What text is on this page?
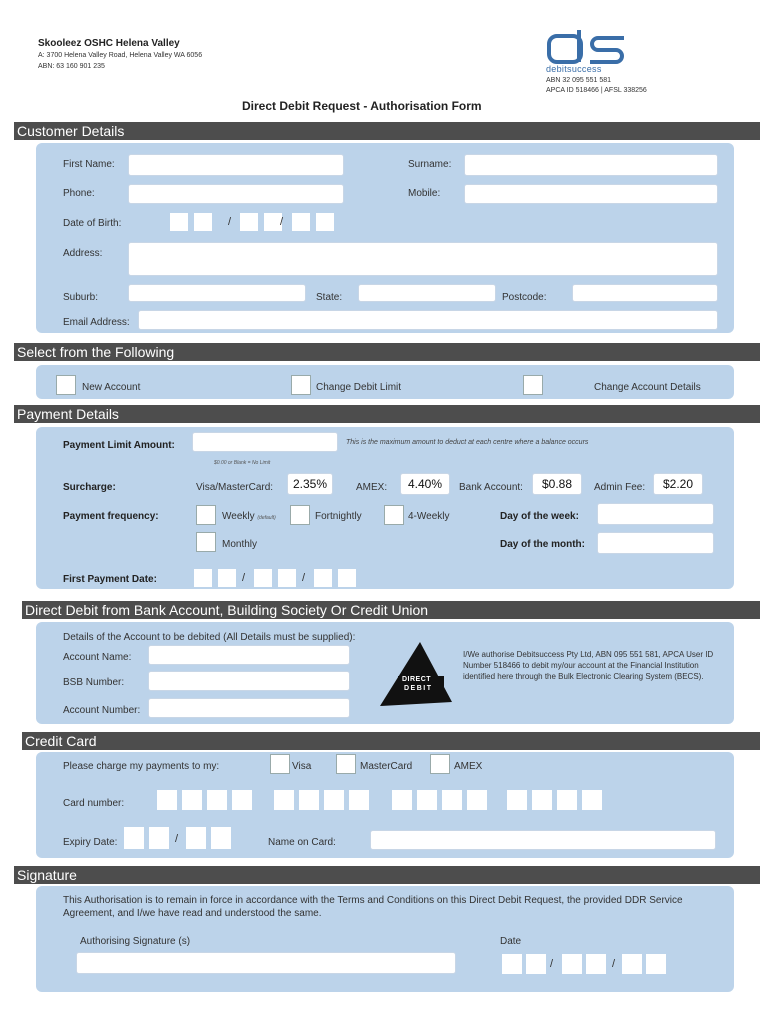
Skooleez OSHC Helena Valley
A: 3700 Helena Valley Road, Helena Valley WA 6056
ABN: 63 160 901 235	debitsuccess
ABN 32 095 551 581
APCA ID 518466 | AFSL 338256
Direct Debit Request - Authorisation Form
Customer Details
First Name:	Surname:
Phone:	Mobile:
Date of Birth:	/	/
Address:
Suburb:	State:	Postcode:
Email Address:
Select from the Following
New Account	Change Debit Limit	Change Account Details
Payment Details
Payment Limit Amount:	This is the maximum amount to deduct at each centre where a balance occurs
$0.00 or Blank = No Limit
Surcharge:	Visa/MasterCard:	2.35%	AMEX:	4.40%	Bank Account:	$0.88	Admin Fee:	$2.20
Payment frequency:	Weekly (default)	Fortnightly	4-Weekly	Day of the week:
Monthly	Day of the month:
First Payment Date:	/	/
Direct Debit from Bank Account, Building Society Or Credit Union
Details of the Account to be debited (All Details must be supplied):
Account Name:
BSB Number:
Account Number:
DIRECT
DEBIT
I/We authorise Debitsuccess Pty Ltd, ABN 095 551 581, APCA User ID Number 518466 to debit my/our account at the Financial Institution identified here through the Bulk Electronic Clearing System (BECS).
Credit Card
Please charge my payments to my:	Visa	MasterCard	AMEX
Card number:
Expiry Date:	/	Name on Card:
Signature
This Authorisation is to remain in force in accordance with the Terms and Conditions on this Direct Debit Request, the provided DDR Service Agreement, and I/we have read and understood the same.
Authorising Signature (s)	Date
/	/
